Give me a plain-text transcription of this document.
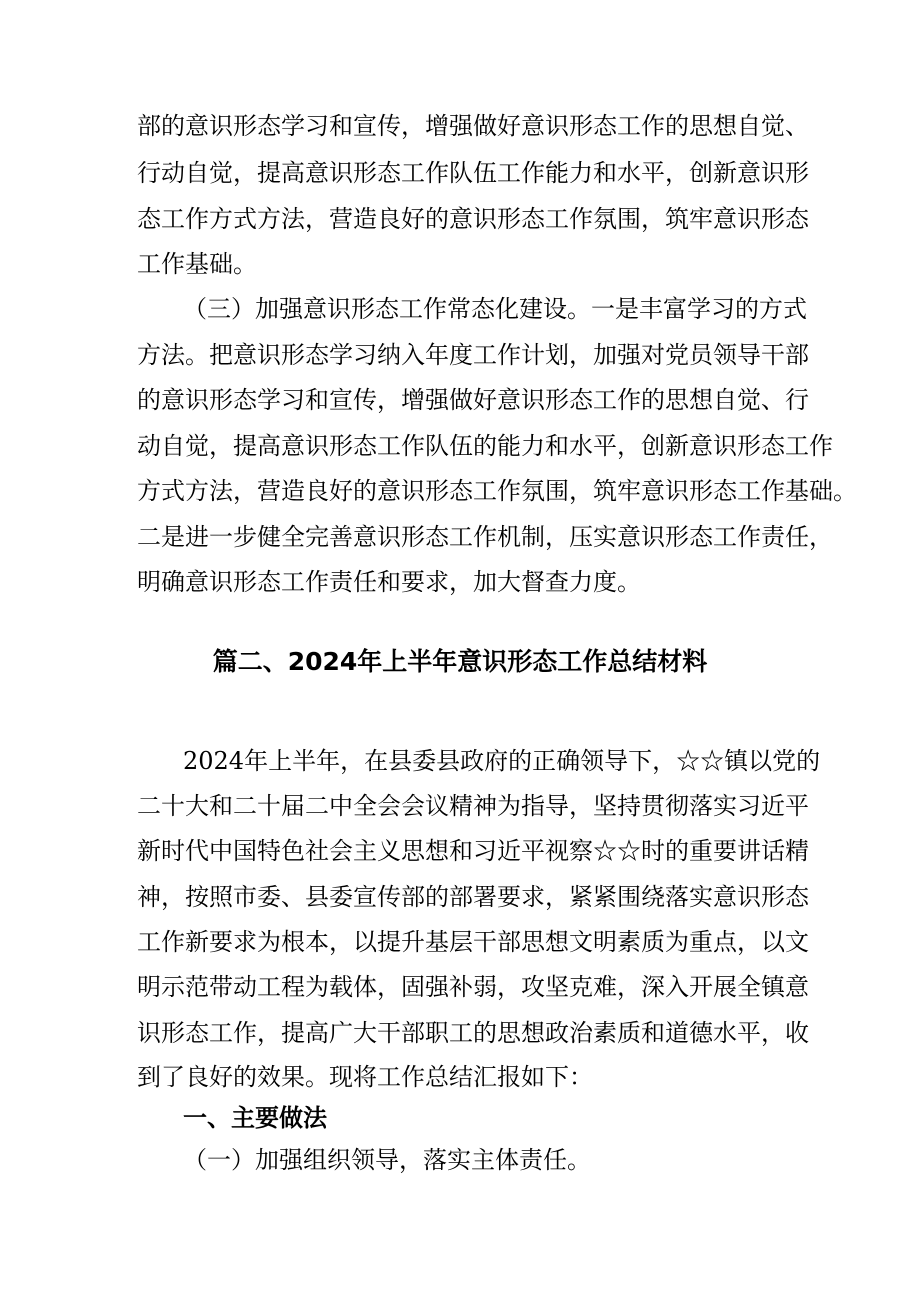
部的意识形态学习和宣传，增强做好意识形态工作的思想自觉、
行动自觉，提高意识形态工作队伍工作能力和水平，创新意识形
态工作方式方法，营造良好的意识形态工作氛围，筑牢意识形态
工作基础。
（三）加强意识形态工作常态化建设。一是丰富学习的方式
方法。把意识形态学习纳入年度工作计划，加强对党员领导干部
的意识形态学习和宣传，增强做好意识形态工作的思想自觉、行
动自觉，提高意识形态工作队伍的能力和水平，创新意识形态工作
方式方法，营造良好的意识形态工作氛围，筑牢意识形态工作基础。
二是进一步健全完善意识形态工作机制，压实意识形态工作责任，
明确意识形态工作责任和要求，加大督查力度。
篇二、2024年上半年意识形态工作总结材料
2024年上半年，在县委县政府的正确领导下，☆☆镇以党的
二十大和二十届二中全会会议精神为指导，坚持贯彻落实习近平
新时代中国特色社会主义思想和习近平视察☆☆时的重要讲话精
神，按照市委、县委宣传部的部署要求，紧紧围绕落实意识形态
工作新要求为根本，以提升基层干部思想文明素质为重点，以文
明示范带动工程为载体，固强补弱，攻坚克难，深入开展全镇意
识形态工作，提高广大干部职工的思想政治素质和道德水平，收
到了良好的效果。现将工作总结汇报如下：
一、主要做法
（一）加强组织领导，落实主体责任。
